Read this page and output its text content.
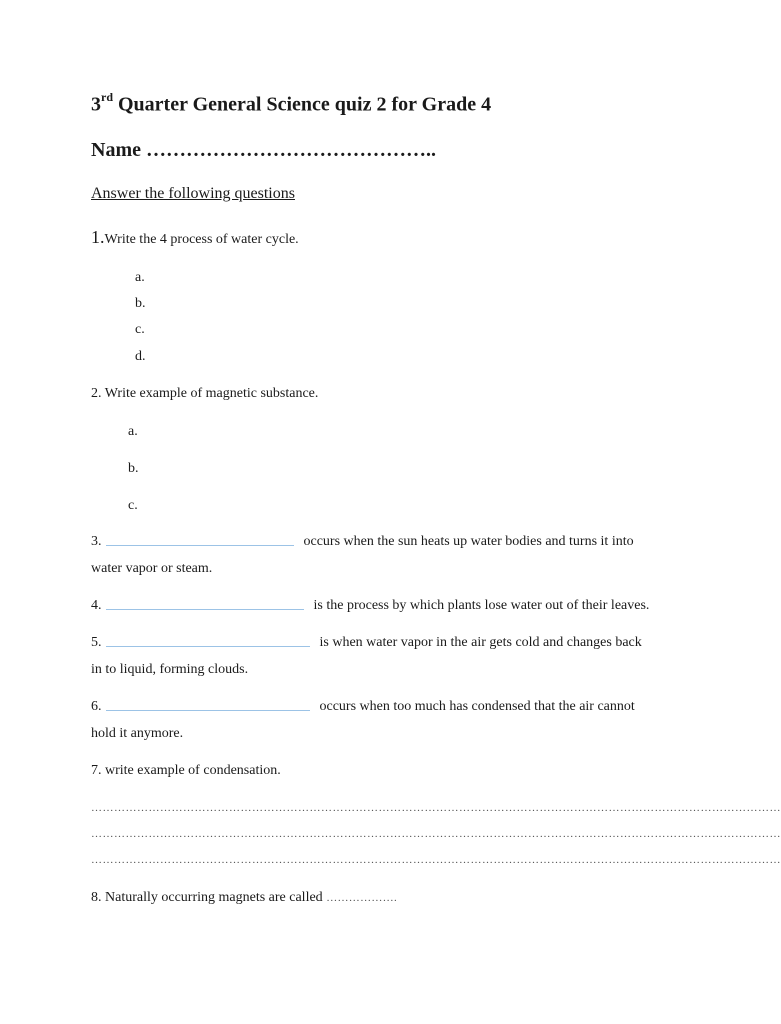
3rd Quarter General Science quiz 2 for Grade 4
Name ……………………………………..
Answer the following questions
1.Write the 4 process of water cycle.
a.
b.
c.
d.
2. Write example of magnetic substance.
a.
b.
c.
3.	occurs when the sun heats up water bodies and turns it into
water vapor or steam.
4.	is the process by which plants lose water out of their leaves.
5.	is when water vapor in the air gets cold and changes back
in to liquid, forming clouds.
6.	occurs when too much has condensed that the air cannot
hold it anymore.
7. write example of condensation.
………………………………………………………………………………………………………………………………………………………………
………………………………………………………………………………………………………………………………………………………………
………………………………………………………………………………………………………………………………………………………………
8. Naturally occurring magnets are called ……………….
